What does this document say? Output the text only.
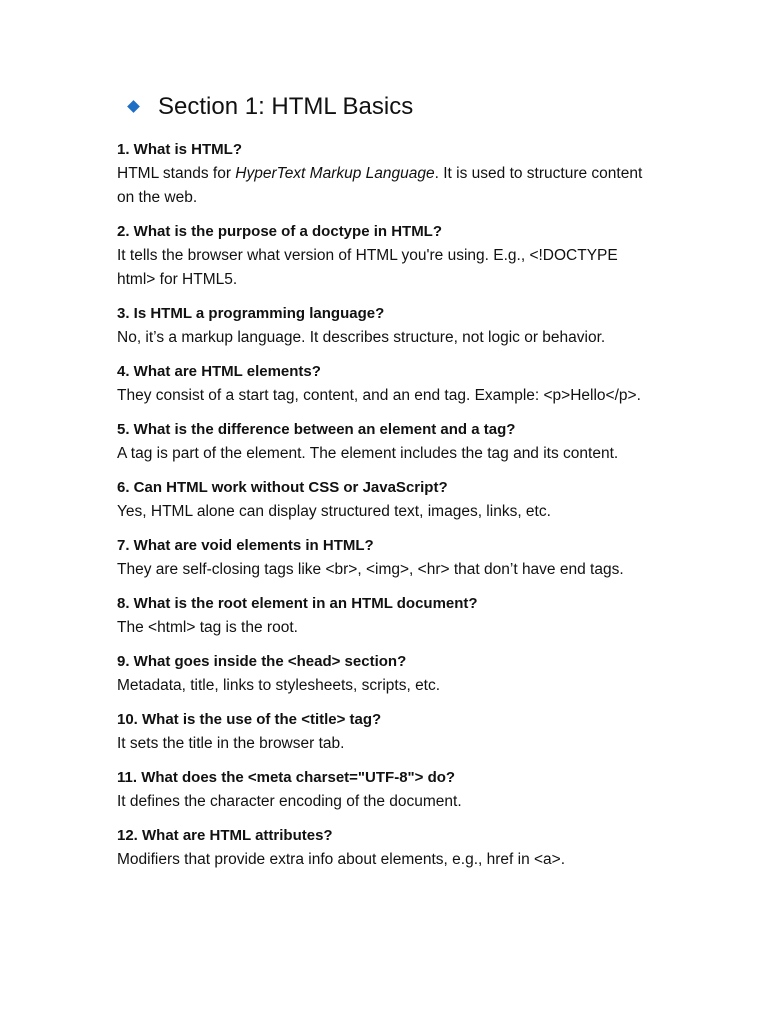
Section 1: HTML Basics
1. What is HTML?
HTML stands for HyperText Markup Language. It is used to structure content on the web.
2. What is the purpose of a doctype in HTML?
It tells the browser what version of HTML you're using. E.g., <!DOCTYPE html> for HTML5.
3. Is HTML a programming language?
No, it’s a markup language. It describes structure, not logic or behavior.
4. What are HTML elements?
They consist of a start tag, content, and an end tag. Example: <p>Hello</p>.
5. What is the difference between an element and a tag?
A tag is part of the element. The element includes the tag and its content.
6. Can HTML work without CSS or JavaScript?
Yes, HTML alone can display structured text, images, links, etc.
7. What are void elements in HTML?
They are self-closing tags like <br>, <img>, <hr> that don’t have end tags.
8. What is the root element in an HTML document?
The <html> tag is the root.
9. What goes inside the <head> section?
Metadata, title, links to stylesheets, scripts, etc.
10. What is the use of the <title> tag?
It sets the title in the browser tab.
11. What does the <meta charset="UTF-8"> do?
It defines the character encoding of the document.
12. What are HTML attributes?
Modifiers that provide extra info about elements, e.g., href in <a>.
